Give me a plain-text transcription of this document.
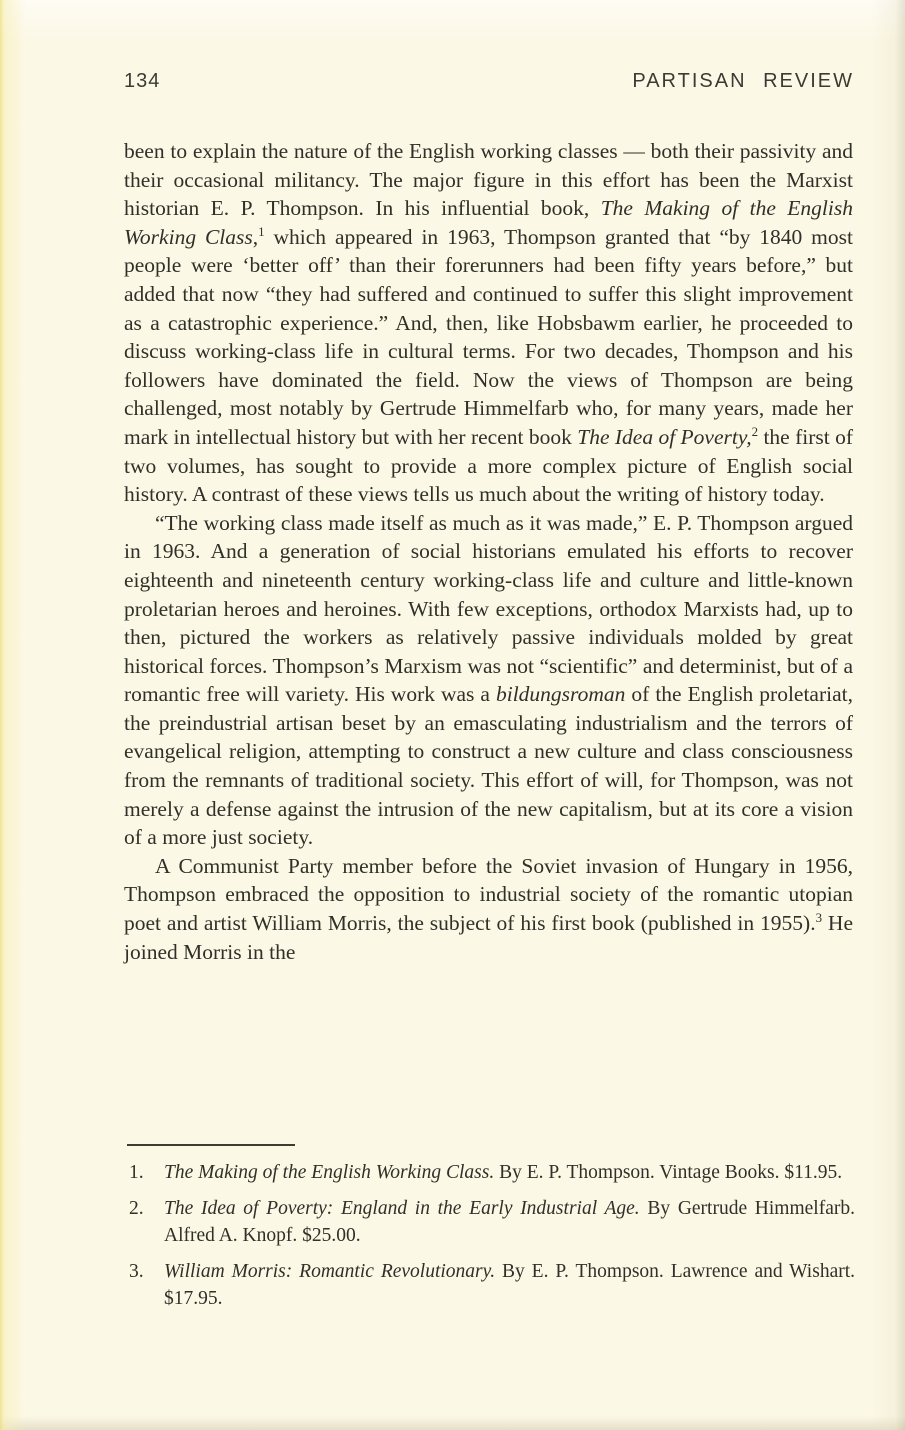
134	PARTISAN REVIEW

been to explain the nature of the English working classes — both their passivity and their occasional militancy. The major figure in this effort has been the Marxist historian E. P. Thompson. In his influential book, The Making of the English Working Class,$^1$ which appeared in 1963, Thompson granted that “by 1840 most people were ‘better off’ than their forerunners had been fifty years before,” but added that now “they had suffered and continued to suffer this slight improvement as a catastrophic experience.” And, then, like Hobsbawm earlier, he proceeded to discuss working-class life in cultural terms. For two decades, Thompson and his followers have dominated the field. Now the views of Thompson are being challenged, most notably by Gertrude Himmelfarb who, for many years, made her mark in intellectual history but with her recent book The Idea of Poverty,$^2$ the first of two volumes, has sought to provide a more complex picture of English social history. A contrast of these views tells us much about the writing of history today.

“The working class made itself as much as it was made,” E. P. Thompson argued in 1963. And a generation of social historians emulated his efforts to recover eighteenth and nineteenth century working-class life and culture and little-known proletarian heroes and heroines. With few exceptions, orthodox Marxists had, up to then, pictured the workers as relatively passive individuals molded by great historical forces. Thompson’s Marxism was not “scientific” and determinist, but of a romantic free will variety. His work was a bildungsroman of the English proletariat, the preindustrial artisan beset by an emasculating industrialism and the terrors of evangelical religion, attempting to construct a new culture and class consciousness from the remnants of traditional society. This effort of will, for Thompson, was not merely a defense against the intrusion of the new capitalism, but at its core a vision of a more just society.

A Communist Party member before the Soviet invasion of Hungary in 1956, Thompson embraced the opposition to industrial society of the romantic utopian poet and artist William Morris, the subject of his first book (published in 1955).$^3$ He joined Morris in the

1. The Making of the English Working Class. By E. P. Thompson. Vintage Books. $11.95.
2. The Idea of Poverty: England in the Early Industrial Age. By Gertrude Himmelfarb. Alfred A. Knopf. $25.00.
3. William Morris: Romantic Revolutionary. By E. P. Thompson. Lawrence and Wishart. $17.95.
